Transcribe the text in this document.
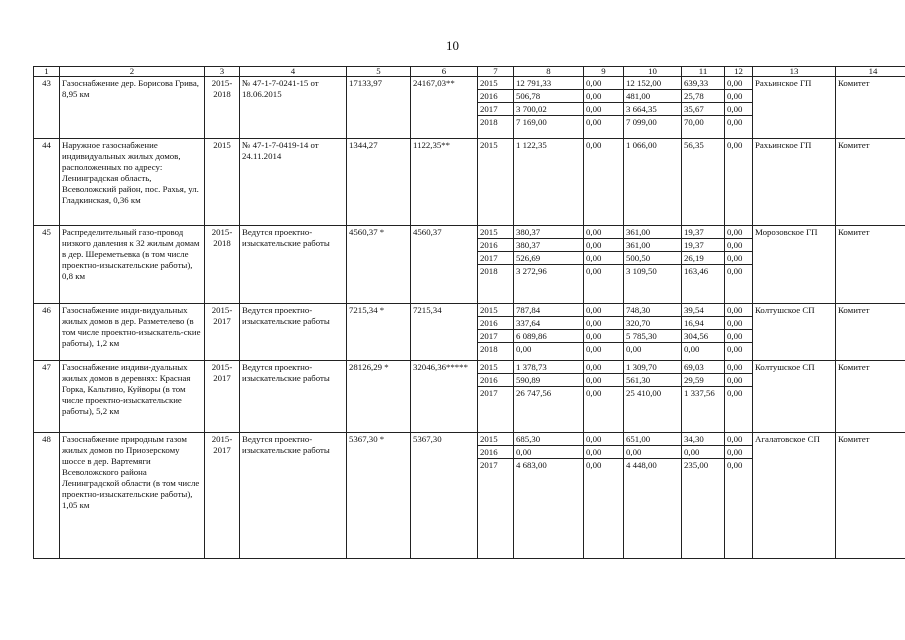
10
1	2	3	4	5	6	7	8	9	10	11	12	13	14
43	Газоснабжение дер. Борисова Грива, 8,95 км	2015-2018	№ 47-1-7-0241-15 от 18.06.2015	17133,97	24167,03**	2015	12 791,33	0,00	12 152,00	639,33	0,00	Рахьинское ГП	Комитет
						2016	506,78	0,00	481,00	25,78	0,00		
						2017	3 700,02	0,00	3 664,35	35,67	0,00		
						2018	7 169,00	0,00	7 099,00	70,00	0,00		
44	Наружное газоснабжение индивидуальных жилых домов, расположенных по адресу: Ленинградская область, Всеволожский район, пос. Рахья, ул. Гладкинская, 0,36 км	2015	№ 47-1-7-0419-14 от 24.11.2014	1344,27	1122,35**	2015	1 122,35	0,00	1 066,00	56,35	0,00	Рахьинское ГП	Комитет
45	Распределительный газо-провод низкого давления к 32 жилым домам в дер. Шереметьевка (в том числе проектно-изыскательские работы), 0,8 км	2015-2018	Ведутся проектно-изыскательские работы	4560,37 *	4560,37	2015	380,37	0,00	361,00	19,37	0,00	Морозовское ГП	Комитет
						2016	380,37	0,00	361,00	19,37	0,00		
						2017	526,69	0,00	500,50	26,19	0,00		
						2018	3 272,96	0,00	3 109,50	163,46	0,00		
46	Газоснабжение инди-видуальных жилых домов в дер. Разметелево (в том числе проектно-изыскатель-ские работы), 1,2 км	2015-2017	Ведутся проектно-изыскательские работы	7215,34 *	7215,34	2015	787,84	0,00	748,30	39,54	0,00	Колтушское СП	Комитет
						2016	337,64	0,00	320,70	16,94	0,00		
						2017	6 089,86	0,00	5 785,30	304,56	0,00		
						2018	0,00	0,00	0,00	0,00	0,00		
47	Газоснабжение индиви-дуальных жилых домов в деревнях: Красная Горка, Кальтино, Куйворы (в том числе проектно-изыскательские работы), 5,2 км	2015-2017	Ведутся проектно-изыскательские работы	28126,29 *	32046,36*****	2015	1 378,73	0,00	1 309,70	69,03	0,00	Колтушское СП	Комитет
						2016	590,89	0,00	561,30	29,59	0,00		
						2017	26 747,56	0,00	25 410,00	1 337,56	0,00		
48	Газоснабжение природным газом жилых домов по Приозерскому шоссе в дер. Вартемяги Всеволожского района Ленинградской области (в том числе проектно-изыскательские работы), 1,05 км	2015-2017	Ведутся проектно-изыскательские работы	5367,30 *	5367,30	2015	685,30	0,00	651,00	34,30	0,00	Агалатовское СП	Комитет
						2016	0,00	0,00	0,00	0,00	0,00		
						2017	4 683,00	0,00	4 448,00	235,00	0,00		
